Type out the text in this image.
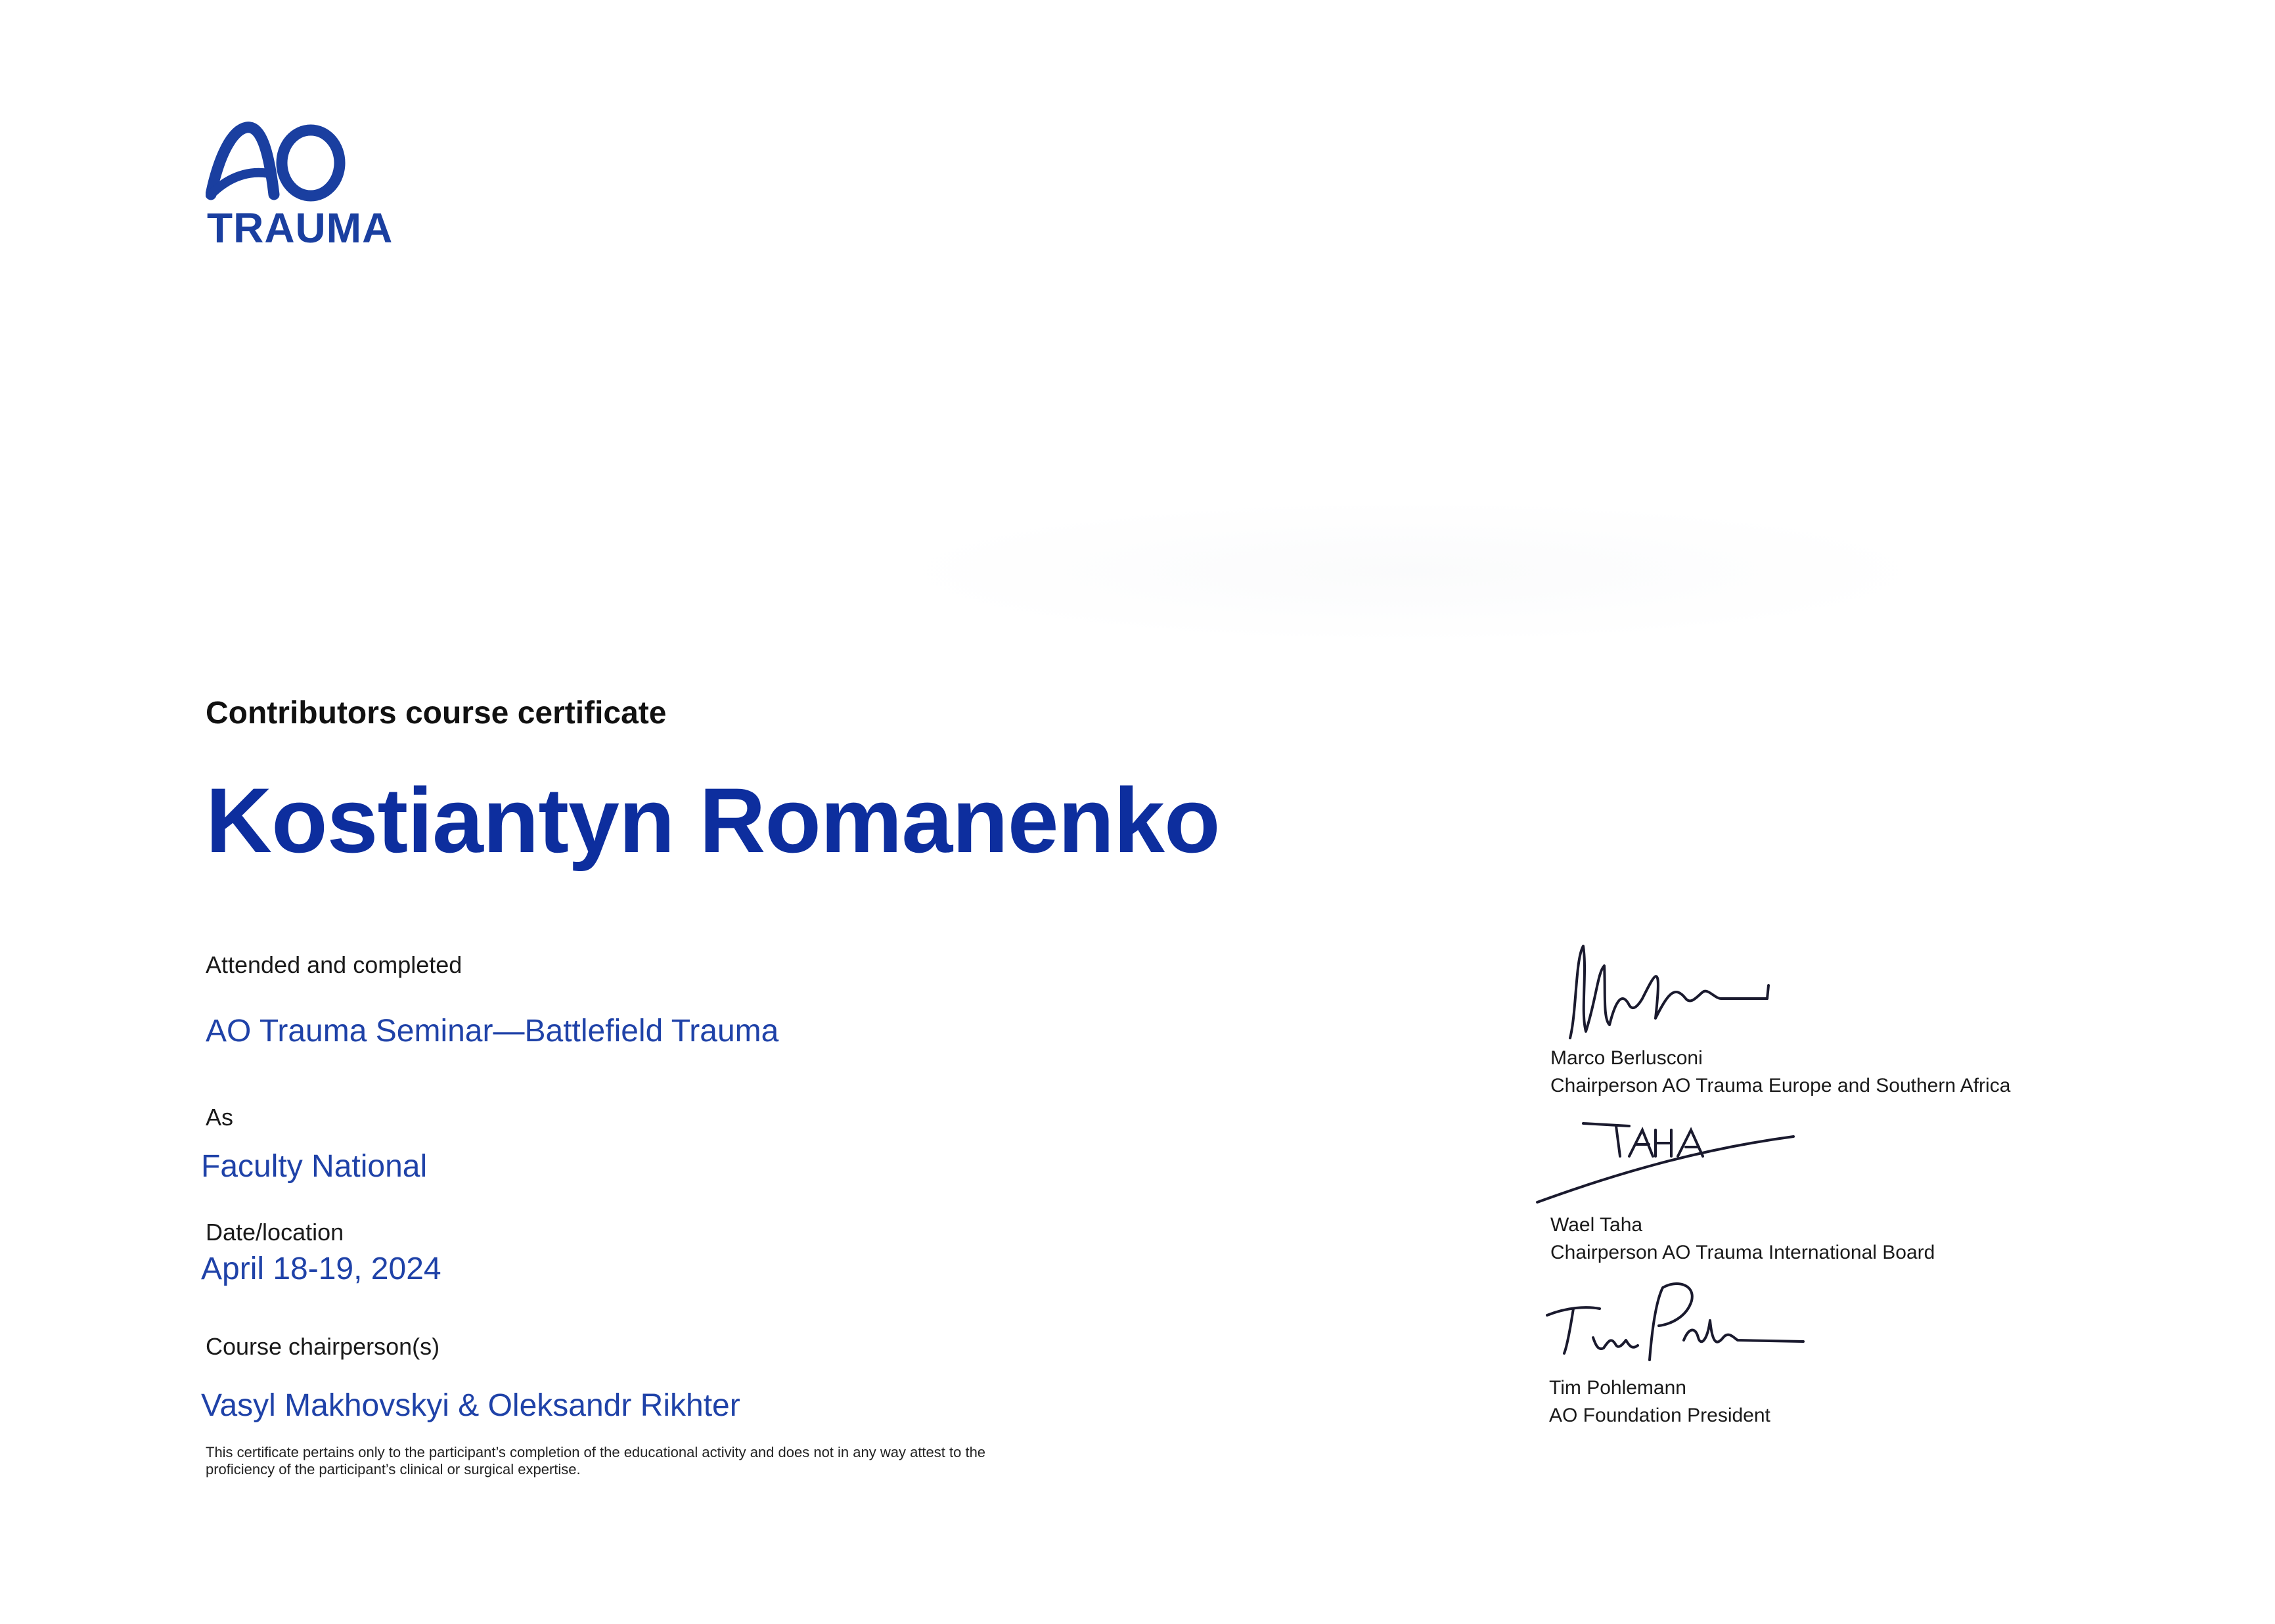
TRAUMA
Contributors course certificate
Kostiantyn Romanenko
Attended and completed
AO Trauma Seminar—Battlefield Trauma
As
Faculty National
Date/location
April 18-19, 2024
Course chairperson(s)
Vasyl Makhovskyi & Oleksandr Rikhter
This certificate pertains only to the participant’s completion of the educational activity and does not in any way attest to the proficiency of the participant’s clinical or surgical expertise.
Marco Berlusconi
Chairperson AO Trauma Europe and Southern Africa
Wael Taha
Chairperson AO Trauma International Board
Tim Pohlemann
AO Foundation President
